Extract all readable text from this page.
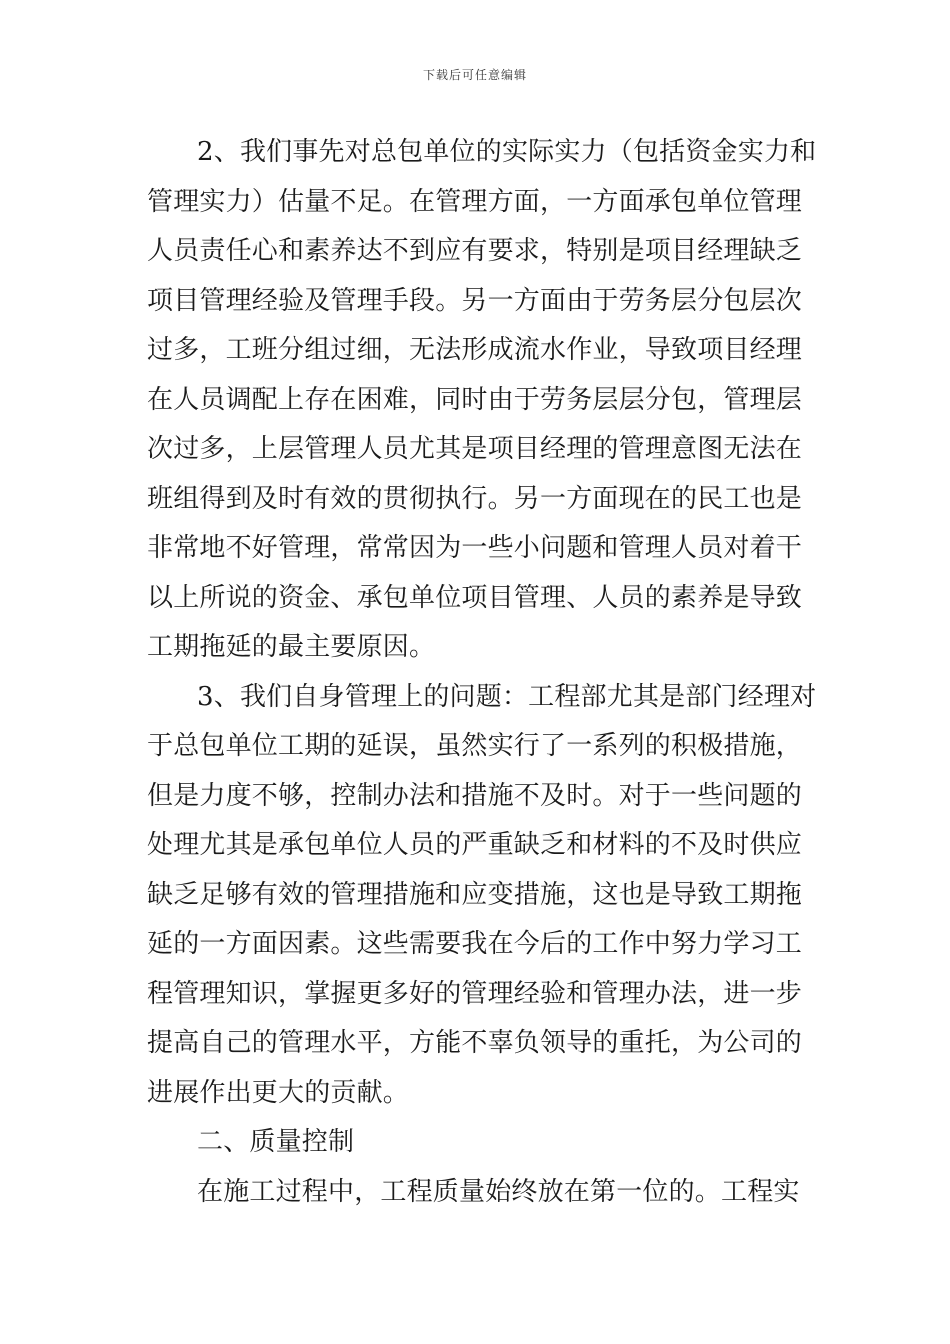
下载后可任意编辑
2、我们事先对总包单位的实际实力（包括资金实力和
管理实力）估量不足。在管理方面，一方面承包单位管理
人员责任心和素养达不到应有要求，特别是项目经理缺乏
项目管理经验及管理手段。另一方面由于劳务层分包层次
过多，工班分组过细，无法形成流水作业，导致项目经理
在人员调配上存在困难，同时由于劳务层层分包，管理层
次过多，上层管理人员尤其是项目经理的管理意图无法在
班组得到及时有效的贯彻执行。另一方面现在的民工也是
非常地不好管理，常常因为一些小问题和管理人员对着干
以上所说的资金、承包单位项目管理、人员的素养是导致
工期拖延的最主要原因。
3、我们自身管理上的问题：工程部尤其是部门经理对
于总包单位工期的延误，虽然实行了一系列的积极措施，
但是力度不够，控制办法和措施不及时。对于一些问题的
处理尤其是承包单位人员的严重缺乏和材料的不及时供应
缺乏足够有效的管理措施和应变措施，这也是导致工期拖
延的一方面因素。这些需要我在今后的工作中努力学习工
程管理知识，掌握更多好的管理经验和管理办法，进一步
提高自己的管理水平，方能不辜负领导的重托，为公司的
进展作出更大的贡献。
二、质量控制
在施工过程中，工程质量始终放在第一位的。工程实
